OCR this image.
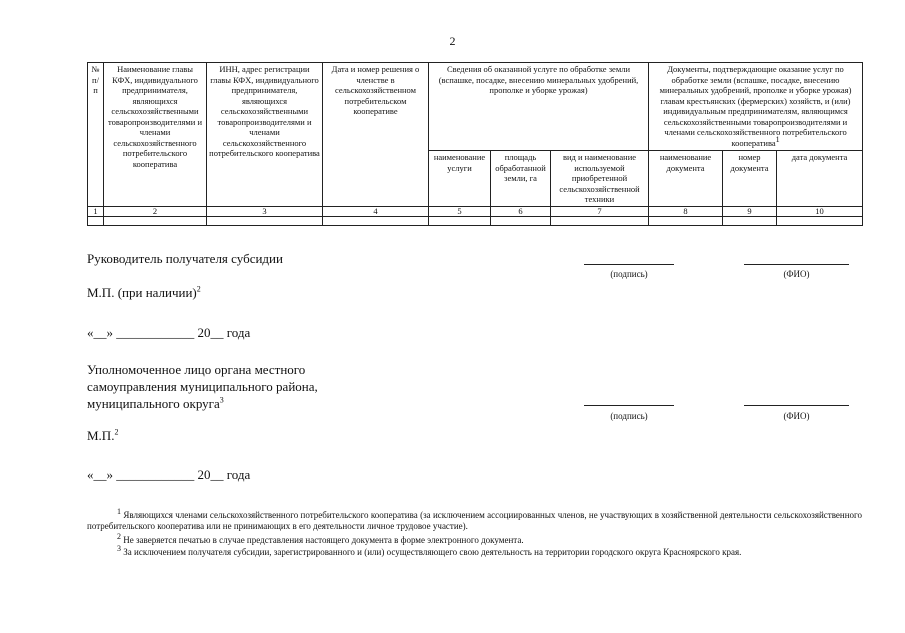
2
№ п/п	Наименование главы КФХ, индивидуального предпринимателя, являющихся сельскохозяйственными товаропроизводителями и членами сельскохозяйственного потребительского кооператива	ИНН, адрес регистрации главы КФХ, индивидуального предпринимателя, являющихся сельскохозяйственными товаропроизводителями и членами сельскохозяйственного потребительского кооператива	Дата и номер решения о членстве в сельскохозяйственном потребительском кооперативе	Сведения об оказанной услуге по обработке земли (вспашке, посадке, внесению минеральных удобрений, прополке и уборке урожая)			Документы, подтверждающие оказание услуг по обработке земли (вспашке, посадке, внесению минеральных удобрений, прополке и уборке урожая) главам крестьянских (фермерских) хозяйств, и (или) индивидуальным предпринимателям, являющимся сельскохозяйственными товаропроизводителями и членами сельскохозяйственного потребительского кооператива$^1$
				наименование услуги	площадь обработанной земли, га	вид и наименование используемой приобретенной сельскохозяйственной техники	наименование документа	номер документа	дата документа
1	2	3	4	5	6	7	8	9	10

Руководитель получателя субсидии
(подпись)	(ФИО)
М.П. (при наличии)$^2$
«__» ____________ 20__ года
Уполномоченное лицо органа местного
самоуправления муниципального района,
муниципального округа$^3$
(подпись)	(ФИО)
М.П.$^2$
«__» ____________ 20__ года
$^1$ Являющихся членами сельскохозяйственного потребительского кооператива (за исключением ассоциированных членов, не участвующих в хозяйственной деятельности сельскохозяйственного потребительского кооператива или не принимающих в его деятельности личное трудовое участие).
$^2$ Не заверяется печатью в случае представления настоящего документа в форме электронного документа.
$^3$ За исключением получателя субсидии, зарегистрированного и (или) осуществляющего свою деятельность на территории городского округа Красноярского края.
